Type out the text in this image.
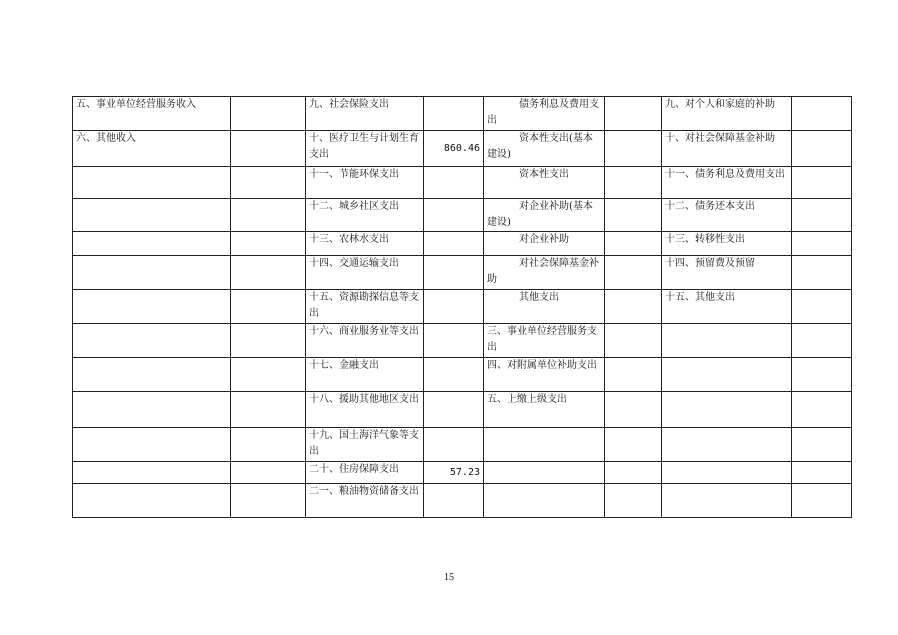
五、事业单位经营服务收入		九、社会保险支出		债务利息及费用支出		九、对个人和家庭的补助	
六、其他收入		十、医疗卫生与计划生育支出	860.46	资本性支出(基本建设)		十、对社会保障基金补助	
		十一、节能环保支出		资本性支出		十一、债务利息及费用支出	
		十二、城乡社区支出		对企业补助(基本建设)		十二、债务还本支出	
		十三、农林水支出		对企业补助		十三、转移性支出	
		十四、交通运输支出		对社会保障基金补助		十四、预留费及预留	
		十五、资源勘探信息等支出		其他支出		十五、其他支出	
		十六、商业服务业等支出		三、事业单位经营服务支出			
		十七、金融支出		四、对附属单位补助支出			
		十八、援助其他地区支出		五、上缴上级支出			
		十九、国土海洋气象等支出					
		二十、住房保障支出	57.23				
		二一、粮油物资储备支出					
15
